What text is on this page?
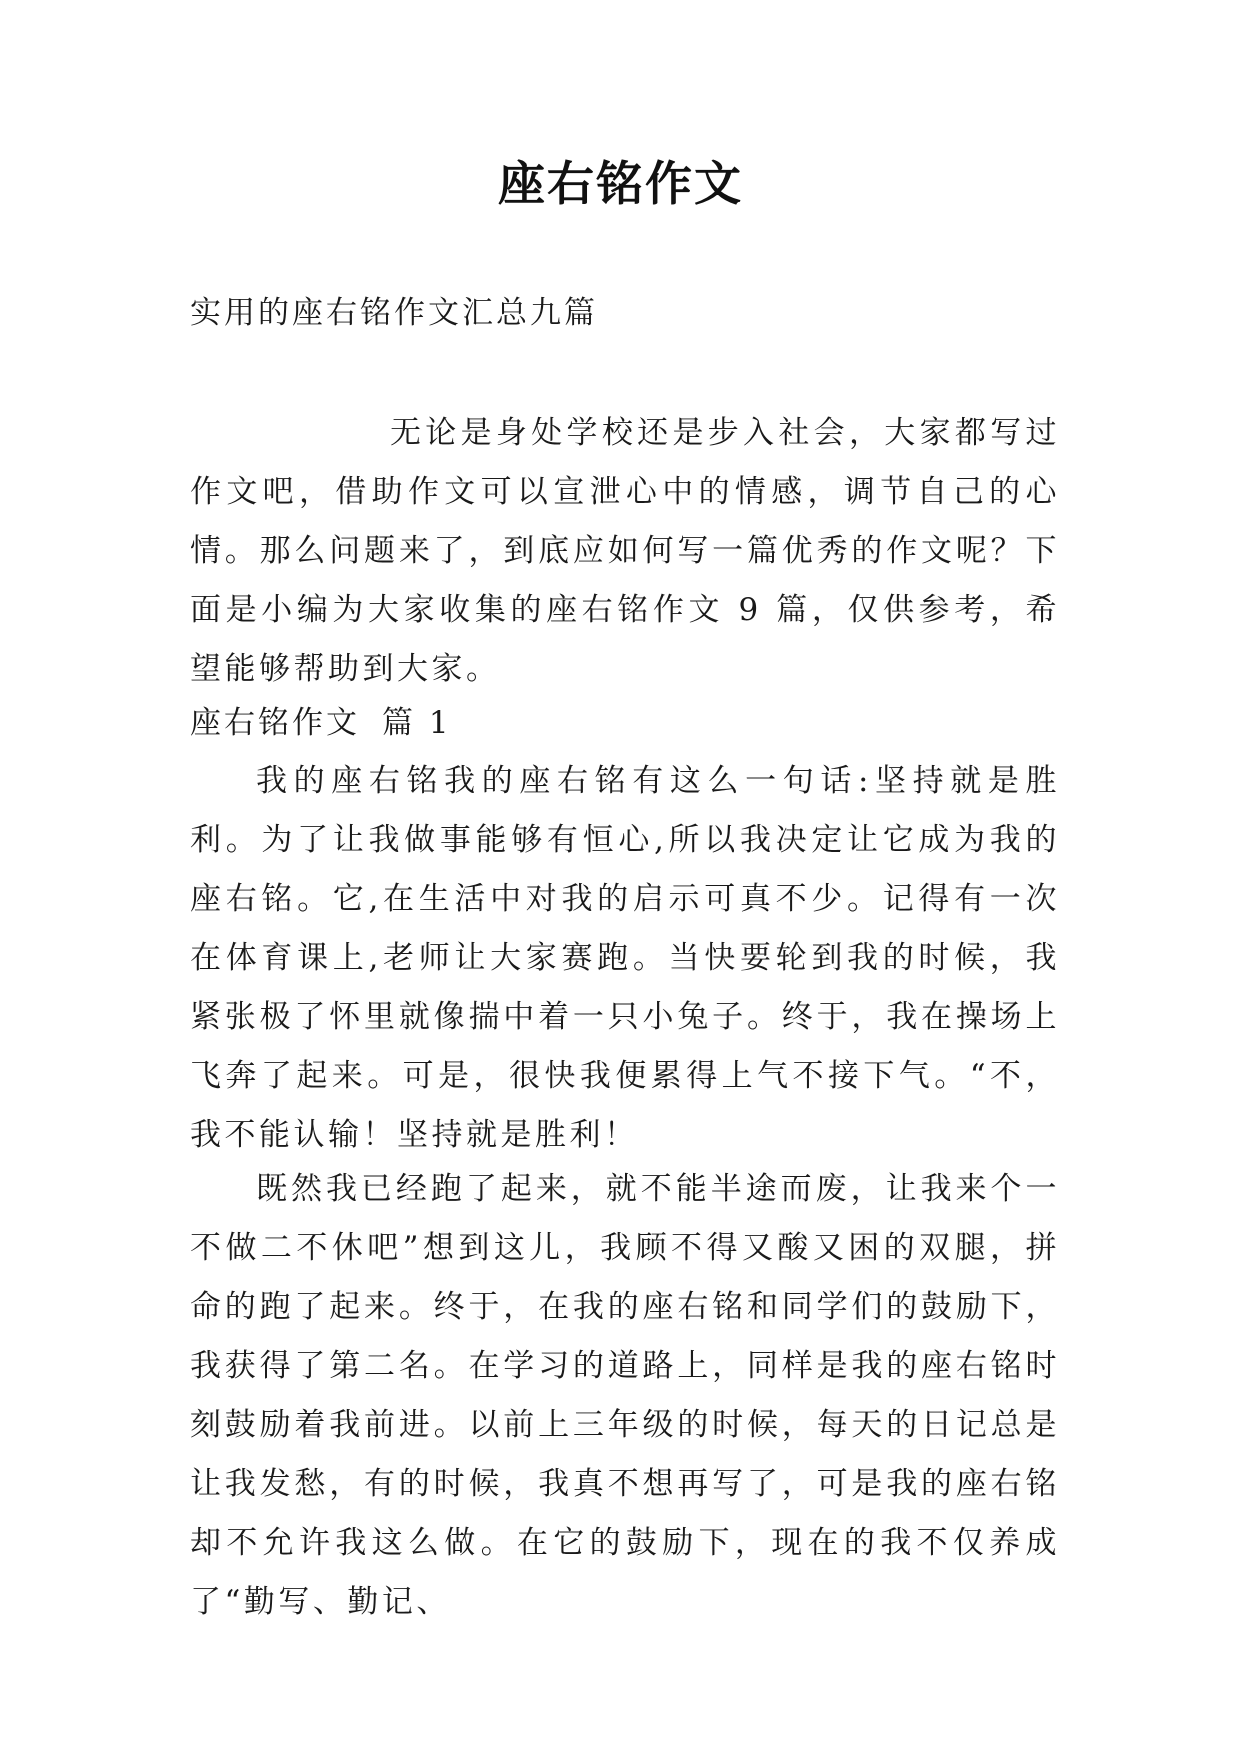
座右铭作文
实用的座右铭作文汇总九篇

无论是身处学校还是步入社会，大家都写过作文吧，借助作文可以宣泄心中的情感，调节自己的心情。那么问题来了，到底应如何写一篇优秀的作文呢？下面是小编为大家收集的座右铭作文 9 篇，仅供参考，希望能够帮助到大家。

座右铭作文 篇 1

我的座右铭我的座右铭有这么一句话:坚持就是胜利。为了让我做事能够有恒心,所以我决定让它成为我的座右铭。它,在生活中对我的启示可真不少。记得有一次在体育课上,老师让大家赛跑。当快要轮到我的时候，我紧张极了怀里就像揣中着一只小兔子。终于，我在操场上飞奔了起来。可是，很快我便累得上气不接下气。“不，我不能认输！坚持就是胜利！

既然我已经跑了起来，就不能半途而废，让我来个一不做二不休吧”想到这儿，我顾不得又酸又困的双腿，拼命的跑了起来。终于，在我的座右铭和同学们的鼓励下，我获得了第二名。在学习的道路上，同样是我的座右铭时刻鼓励着我前进。以前上三年级的时候，每天的日记总是让我发愁，有的时候，我真不想再写了，可是我的座右铭却不允许我这么做。在它的鼓励下，现在的我不仅养成了“勤写、勤记、
